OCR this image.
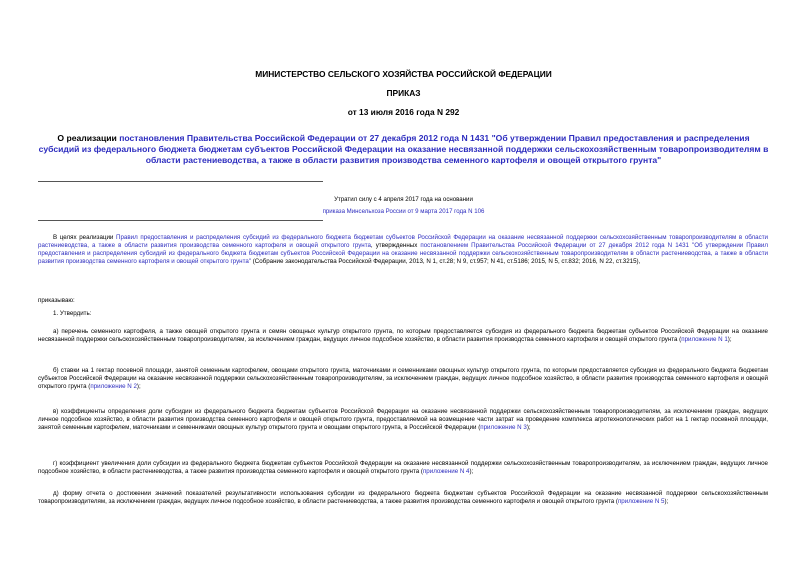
МИНИСТЕРСТВО СЕЛЬСКОГО ХОЗЯЙСТВА РОССИЙСКОЙ ФЕДЕРАЦИИ
ПРИКАЗ
от 13 июля 2016 года N 292
О реализации постановления Правительства Российской Федерации от 27 декабря 2012 года N 1431 "Об утверждении Правил предоставления и распределения субсидий из федерального бюджета бюджетам субъектов Российской Федерации на оказание несвязанной поддержки сельскохозяйственным товаропроизводителям в области растениеводства, а также в области развития производства семенного картофеля и овощей открытого грунта"
Утратил силу с 4 апреля 2017 года на основании
приказа Минсельхоза России от 9 марта 2017 года N 106
В целях реализации Правил предоставления и распределения субсидий из федерального бюджета бюджетам субъектов Российской Федерации на оказание несвязанной поддержки сельскохозяйственным товаропроизводителям в области растениеводства, а также в области развития производства семенного картофеля и овощей открытого грунта, утвержденных постановлением Правительства Российской Федерации от 27 декабря 2012 года N 1431 "Об утверждении Правил предоставления и распределения субсидий из федерального бюджета бюджетам субъектов Российской Федерации на оказание несвязанной поддержки сельскохозяйственным товаропроизводителям в области растениеводства, а также в области развития производства семенного картофеля и овощей открытого грунта" (Собрание законодательства Российской Федерации, 2013, N 1, ст.28; N 9, ст.957; N 41, ст.5186; 2015, N 5, ст.832; 2016, N 22, ст.3215),
приказываю:
1. Утвердить:
а) перечень семенного картофеля, а также овощей открытого грунта и семян овощных культур открытого грунта, по которым предоставляется субсидия из федерального бюджета бюджетам субъектов Российской Федерации на оказание несвязанной поддержки сельскохозяйственным товаропроизводителям, за исключением граждан, ведущих личное подсобное хозяйство, в области развития производства семенного картофеля и овощей открытого грунта (приложение N 1);
б) ставки на 1 гектар посевной площади, занятой семенным картофелем, овощами открытого грунта, маточниками и семенниками овощных культур открытого грунта, по которым предоставляется субсидия из федерального бюджета бюджетам субъектов Российской Федерации на оказание несвязанной поддержки сельскохозяйственным товаропроизводителям, за исключением граждан, ведущих личное подсобное хозяйство, в области развития производства семенного картофеля и овощей открытого грунта (приложение N 2);
в) коэффициенты определения доли субсидии из федерального бюджета бюджетам субъектов Российской Федерации на оказание несвязанной поддержки сельскохозяйственным товаропроизводителям, за исключением граждан, ведущих личное подсобное хозяйство, в области развития производства семенного картофеля и овощей открытого грунта, предоставляемой на возмещение части затрат на проведение комплекса агротехнологических работ на 1 гектар посевной площади, занятой семенным картофелем, маточниками и семенниками овощных культур открытого грунта и овощами открытого грунта, в Российской Федерации (приложение N 3);
г) коэффициент увеличения доли субсидии из федерального бюджета бюджетам субъектов Российской Федерации на оказание несвязанной поддержки сельскохозяйственным товаропроизводителям, за исключением граждан, ведущих личное подсобное хозяйство, в области растениеводства, а также развития производства семенного картофеля и овощей открытого грунта (приложение N 4);
д) форму отчета о достижении значений показателей результативности использования субсидии из федерального бюджета бюджетам субъектов Российской Федерации на оказание несвязанной поддержки сельскохозяйственным товаропроизводителям, за исключением граждан, ведущих личное подсобное хозяйство, в области растениеводства, а также развития производства семенного картофеля и овощей открытого грунта (приложение N 5);
